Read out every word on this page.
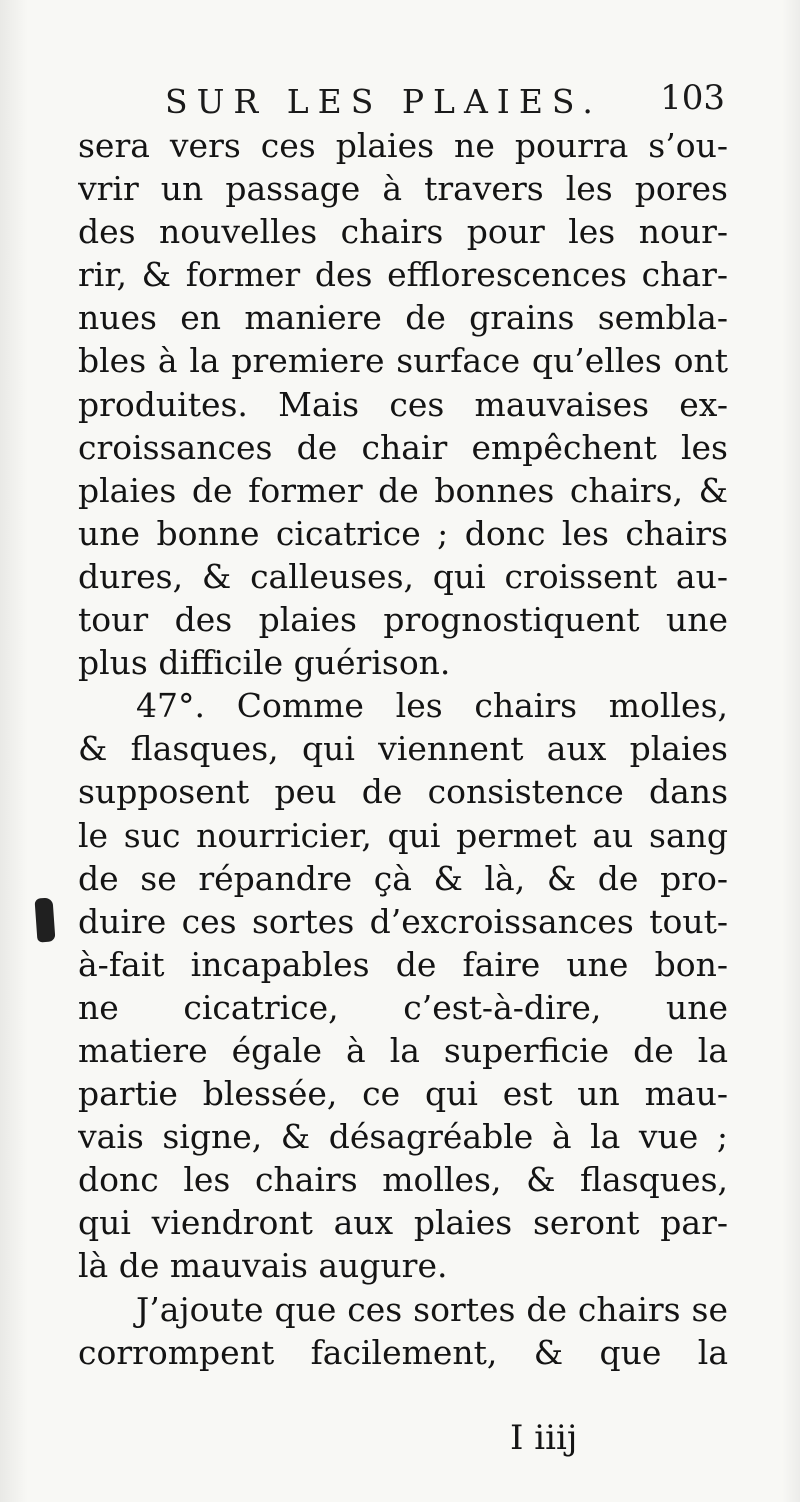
SUR LES PLAIES. 103
sera vers ces plaies ne pourra s’ou-
vrir un passage à travers les pores
des nouvelles chairs pour les nour-
rir, & former des efflorescences char-
nues en maniere de grains sembla-
bles à la premiere surface qu’elles ont
produites. Mais ces mauvaises ex-
croissances de chair empêchent les
plaies de former de bonnes chairs, &
une bonne cicatrice ; donc les chairs
dures, & calleuses, qui croissent au-
tour des plaies prognostiquent une
plus difficile guérison.
47°. Comme les chairs molles,
& flasques, qui viennent aux plaies
supposent peu de consistence dans
le suc nourricier, qui permet au sang
de se répandre çà & là, & de pro-
duire ces sortes d’excroissances tout-
à-fait incapables de faire une bon-
ne cicatrice, c’est-à-dire, une
matiere égale à la superficie de la
partie blessée, ce qui est un mau-
vais signe, & désagréable à la vue ;
donc les chairs molles, & flasques,
qui viendront aux plaies seront par-
là de mauvais augure.
J’ajoute que ces sortes de chairs se
corrompent facilement, & que la
I iiij
